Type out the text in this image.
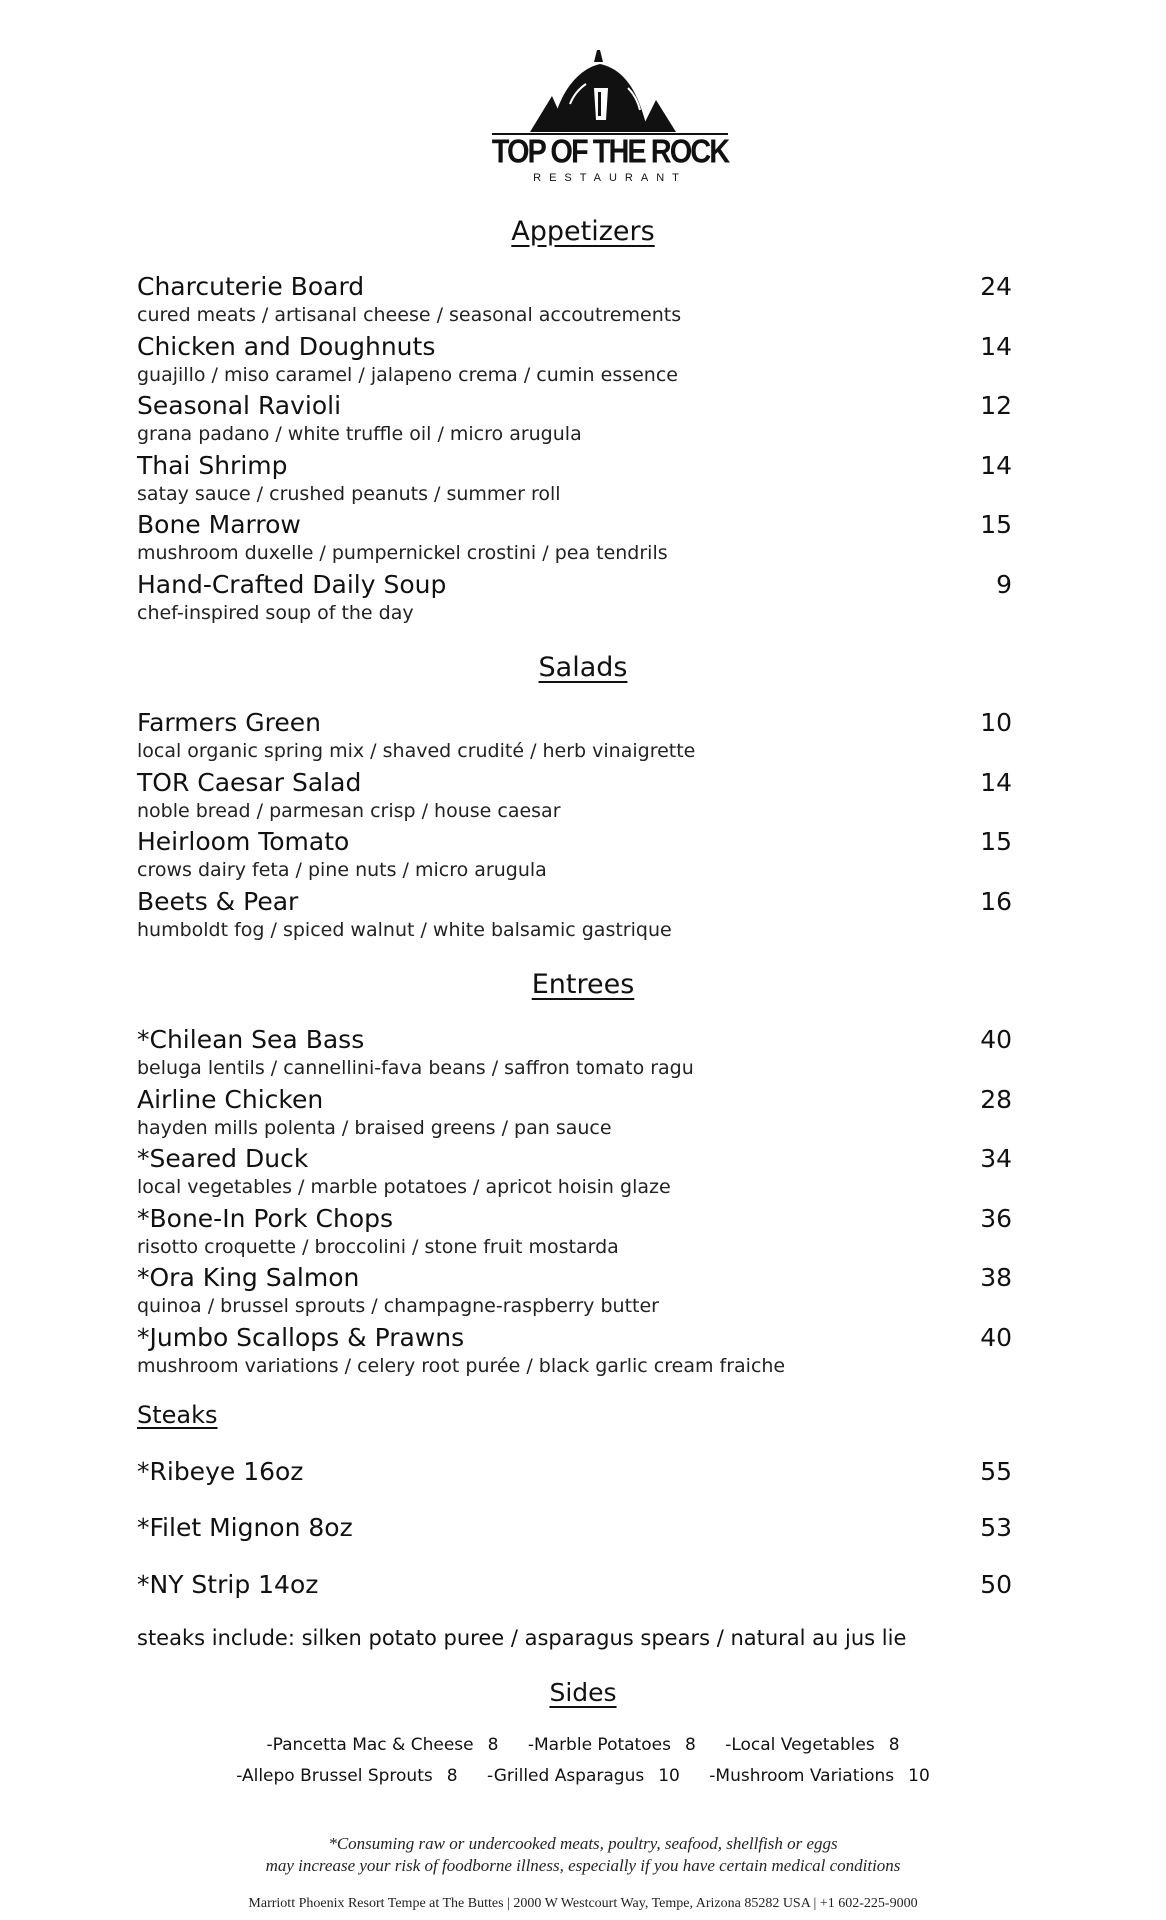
TOP OF THE ROCK
RESTAURANT
Appetizers
Charcuterie Board	24
cured meats / artisanal cheese / seasonal accoutrements
Chicken and Doughnuts	14
guajillo / miso caramel / jalapeno crema / cumin essence
Seasonal Ravioli	12
grana padano / white truffle oil / micro arugula
Thai Shrimp	14
satay sauce / crushed peanuts / summer roll
Bone Marrow	15
mushroom duxelle / pumpernickel crostini / pea tendrils
Hand-Crafted Daily Soup	9
chef-inspired soup of the day
Salads
Farmers Green	10
local organic spring mix / shaved crudité / herb vinaigrette
TOR Caesar Salad	14
noble bread / parmesan crisp / house caesar
Heirloom Tomato	15
crows dairy feta / pine nuts / micro arugula
Beets & Pear	16
humboldt fog / spiced walnut / white balsamic gastrique
Entrees
*Chilean Sea Bass	40
beluga lentils / cannellini-fava beans / saffron tomato ragu
Airline Chicken	28
hayden mills polenta / braised greens / pan sauce
*Seared Duck	34
local vegetables / marble potatoes / apricot hoisin glaze
*Bone-In Pork Chops	36
risotto croquette / broccolini / stone fruit mostarda
*Ora King Salmon	38
quinoa / brussel sprouts / champagne-raspberry butter
*Jumbo Scallops & Prawns	40
mushroom variations / celery root purée / black garlic cream fraiche
Steaks
*Ribeye 16oz	55
*Filet Mignon 8oz	53
*NY Strip 14oz	50
steaks include: silken potato puree / asparagus spears / natural au jus lie
Sides
-Pancetta Mac & Cheese 8 -Marble Potatoes 8 -Local Vegetables 8
-Allepo Brussel Sprouts 8 -Grilled Asparagus 10 -Mushroom Variations 10
*Consuming raw or undercooked meats, poultry, seafood, shellfish or eggs
may increase your risk of foodborne illness, especially if you have certain medical conditions
Marriott Phoenix Resort Tempe at The Buttes | 2000 W Westcourt Way, Tempe, Arizona 85282 USA | +1 602-225-9000
